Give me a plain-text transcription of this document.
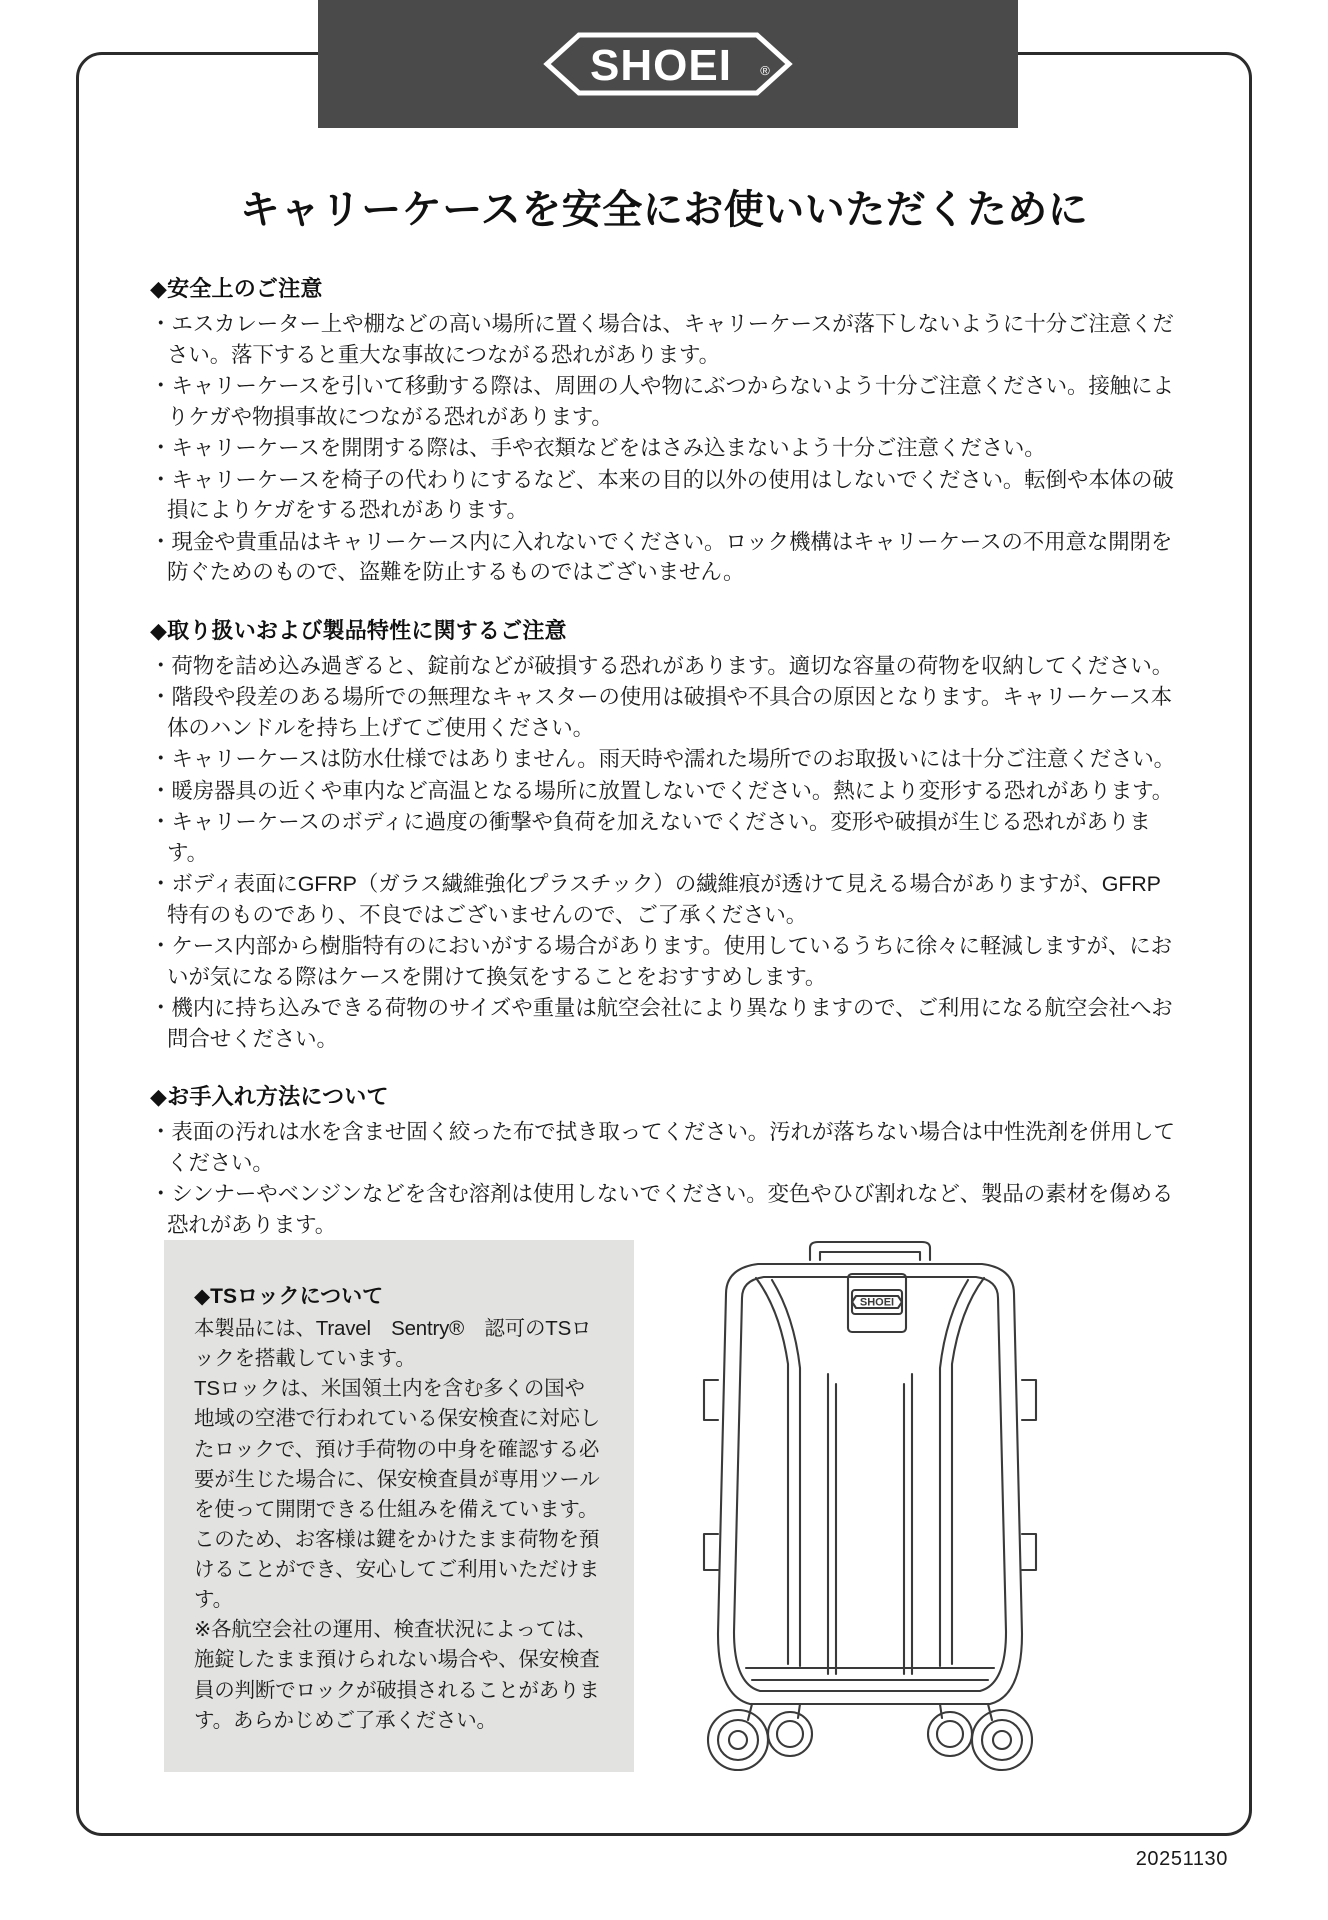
SHOEI ®
キャリーケースを安全にお使いいただくために
◆安全上のご注意
・エスカレーター上や棚などの高い場所に置く場合は、キャリーケースが落下しないように十分ご注意ください。落下すると重大な事故につながる恐れがあります。
・キャリーケースを引いて移動する際は、周囲の人や物にぶつからないよう十分ご注意ください。接触によりケガや物損事故につながる恐れがあります。
・キャリーケースを開閉する際は、手や衣類などをはさみ込まないよう十分ご注意ください。
・キャリーケースを椅子の代わりにするなど、本来の目的以外の使用はしないでください。転倒や本体の破損によりケガをする恐れがあります。
・現金や貴重品はキャリーケース内に入れないでください。ロック機構はキャリーケースの不用意な開閉を防ぐためのもので、盗難を防止するものではございません。
◆取り扱いおよび製品特性に関するご注意
・荷物を詰め込み過ぎると、錠前などが破損する恐れがあります。適切な容量の荷物を収納してください。
・階段や段差のある場所での無理なキャスターの使用は破損や不具合の原因となります。キャリーケース本体のハンドルを持ち上げてご使用ください。
・キャリーケースは防水仕様ではありません。雨天時や濡れた場所でのお取扱いには十分ご注意ください。
・暖房器具の近くや車内など高温となる場所に放置しないでください。熱により変形する恐れがあります。
・キャリーケースのボディに過度の衝撃や負荷を加えないでください。変形や破損が生じる恐れがあります。
・ボディ表面にGFRP（ガラス繊維強化プラスチック）の繊維痕が透けて見える場合がありますが、GFRP特有のものであり、不良ではございませんので、ご了承ください。
・ケース内部から樹脂特有のにおいがする場合があります。使用しているうちに徐々に軽減しますが、においが気になる際はケースを開けて換気をすることをおすすめします。
・機内に持ち込みできる荷物のサイズや重量は航空会社により異なりますので、ご利用になる航空会社へお問合せください。
◆お手入れ方法について
・表面の汚れは水を含ませ固く絞った布で拭き取ってください。汚れが落ちない場合は中性洗剤を併用してください。
・シンナーやベンジンなどを含む溶剤は使用しないでください。変色やひび割れなど、製品の素材を傷める恐れがあります。
◆TSロックについて

本製品には、Travel　Sentry®　認可のTSロックを搭載しています。

TSロックは、米国領土内を含む多くの国や地域の空港で行われている保安検査に対応したロックで、預け手荷物の中身を確認する必要が生じた場合に、保安検査員が専用ツールを使って開閉できる仕組みを備えています。

このため、お客様は鍵をかけたまま荷物を預けることができ、安心してご利用いただけます。

※各航空会社の運用、検査状況によっては、施錠したまま預けられない場合や、保安検査員の判断でロックが破損されることがあります。あらかじめご了承ください。

SHOEI
20251130
